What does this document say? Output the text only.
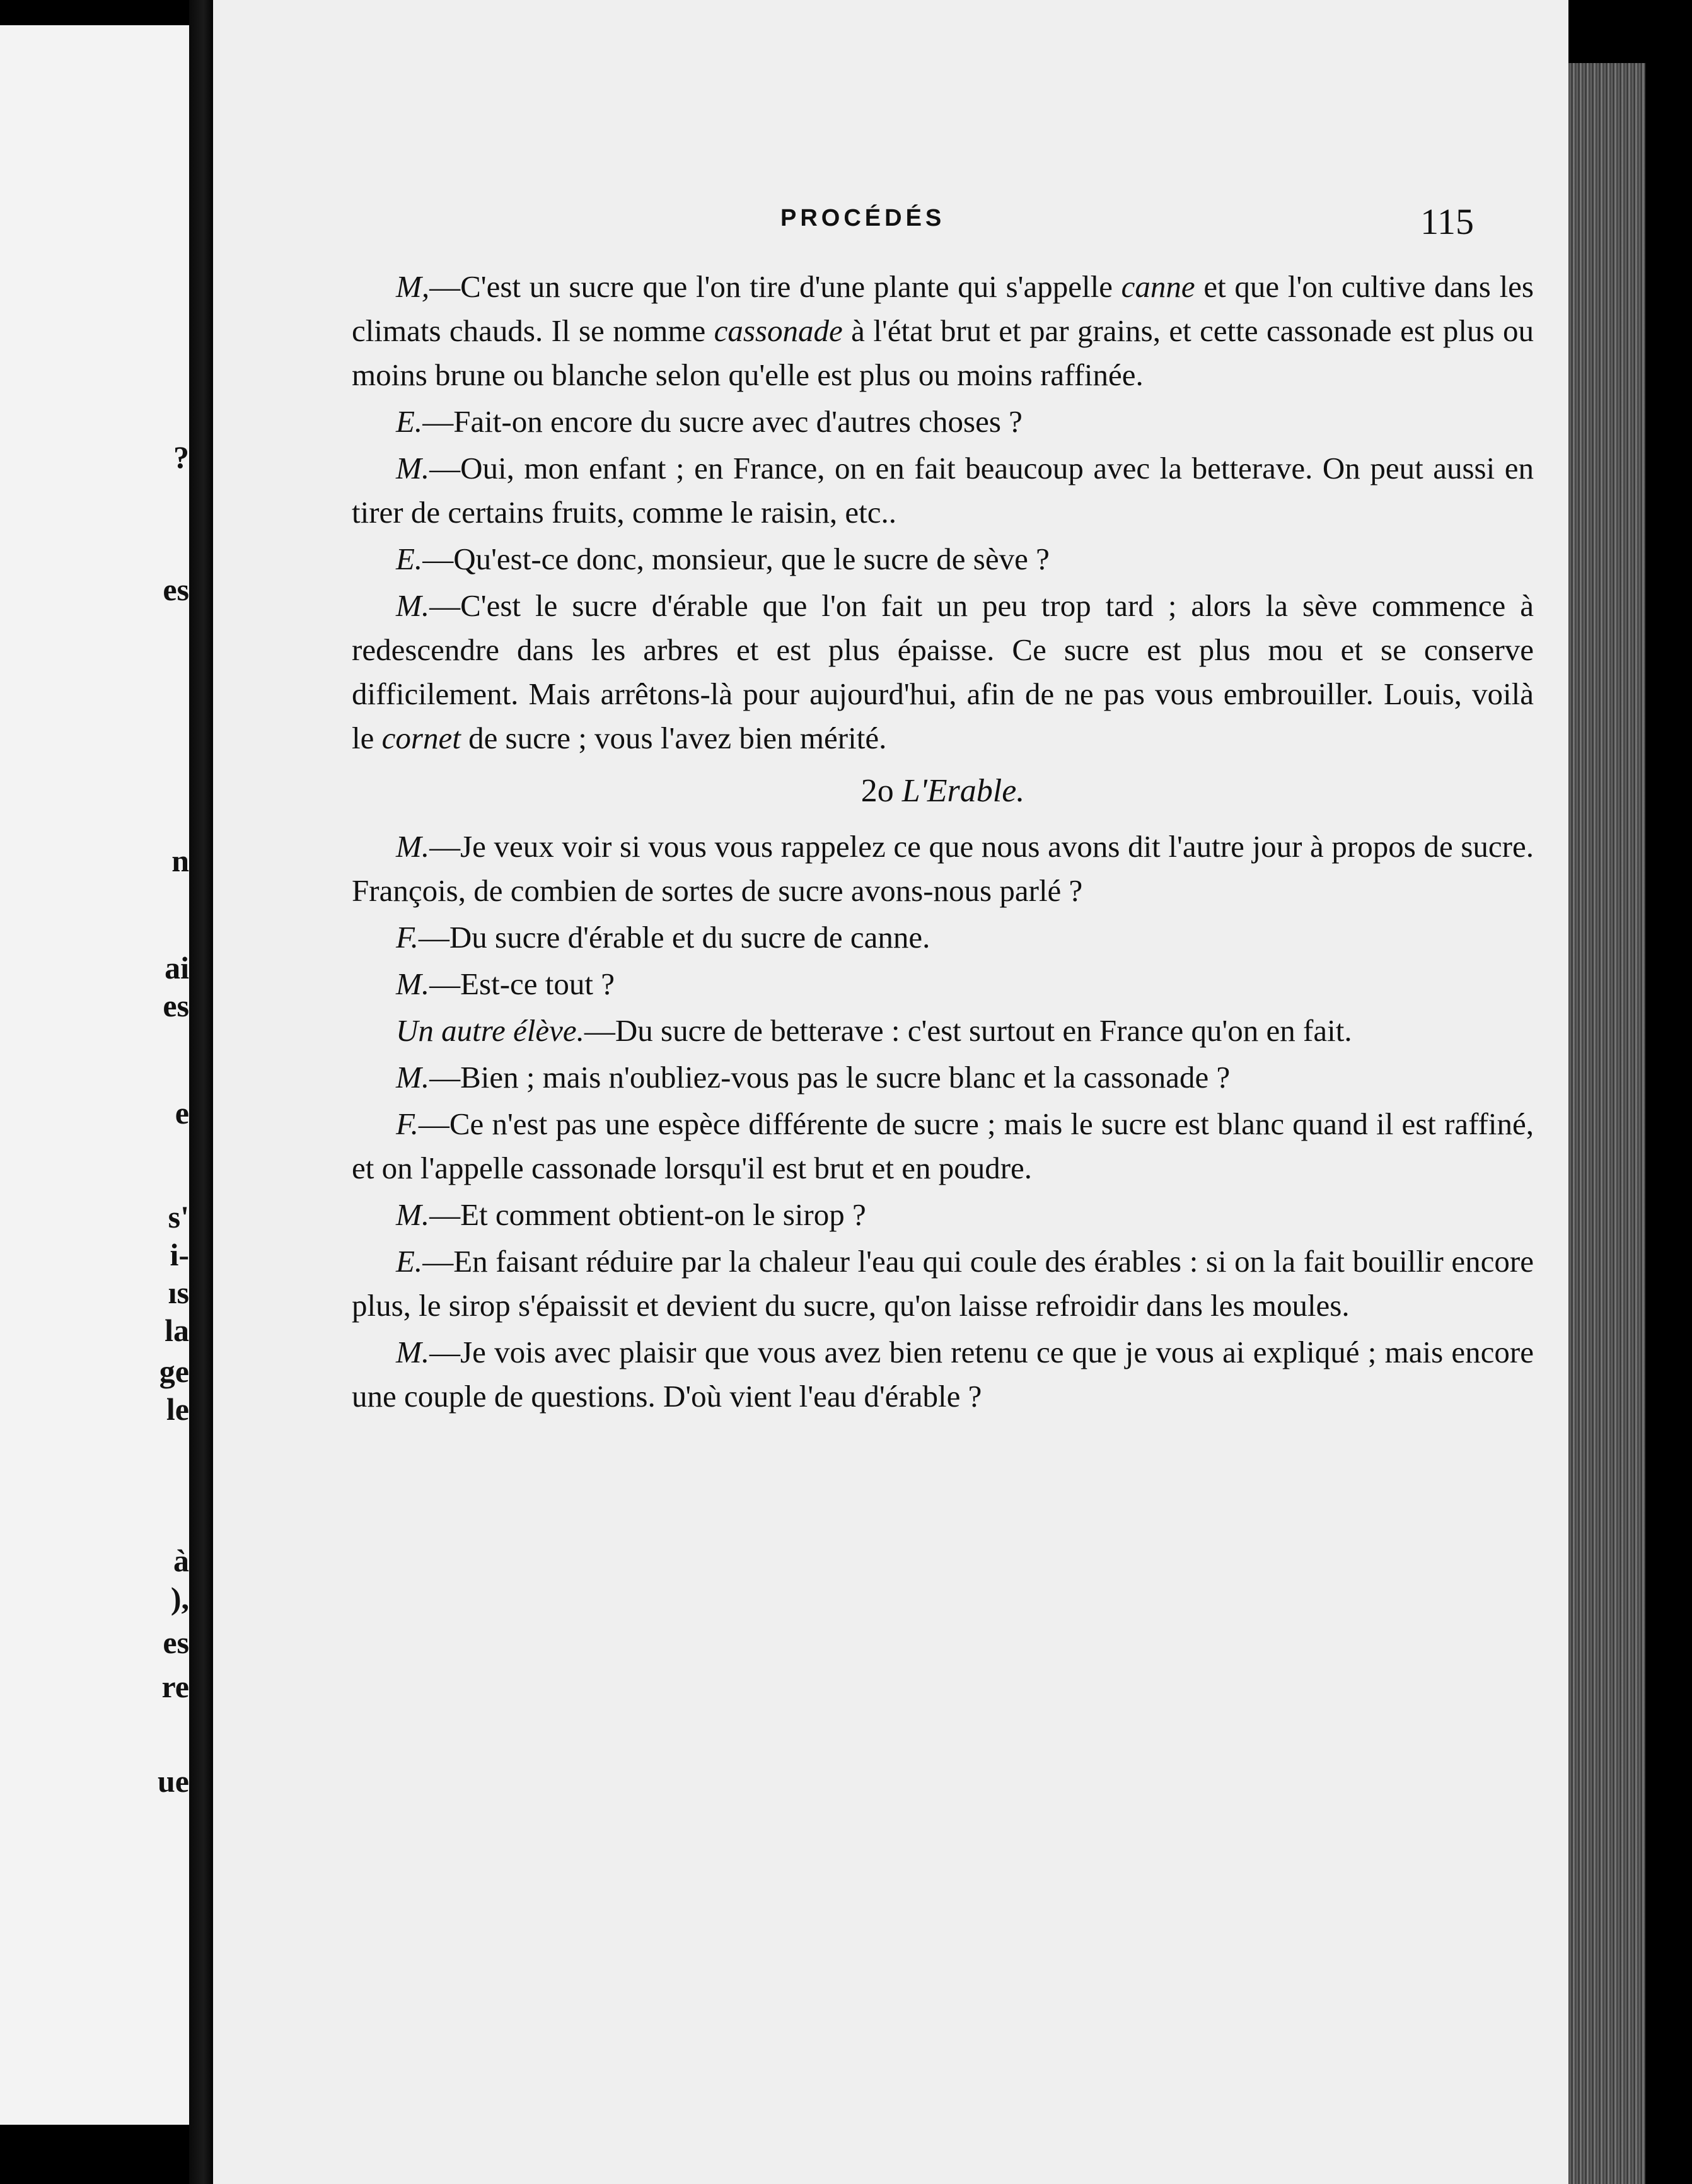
?
es
n
ai
es
e
s'
i-
ıs
la
ge
le
à
),
es
re
ue
PROCÉDÉS	115

M,—C'est un sucre que l'on tire d'une plante qui s'appelle canne et que l'on cultive dans les climats chauds. Il se nomme cassonade à l'état brut et par grains, et cette cassonade est plus ou moins brune ou blanche selon qu'elle est plus ou moins raffinée.

E.—Fait-on encore du sucre avec d'autres choses ?

M.—Oui, mon enfant ; en France, on en fait beaucoup avec la betterave. On peut aussi en tirer de certains fruits, comme le raisin, etc..

E.—Qu'est-ce donc, monsieur, que le sucre de sève ?

M.—C'est le sucre d'érable que l'on fait un peu trop tard ; alors la sève commence à redescendre dans les arbres et est plus épaisse. Ce sucre est plus mou et se conserve difficilement. Mais arrêtons-là pour aujourd'hui, afin de ne pas vous embrouiller. Louis, voilà le cornet de sucre ; vous l'avez bien mérité.

2o L'Erable.

M.—Je veux voir si vous vous rappelez ce que nous avons dit l'autre jour à propos de sucre. François, de combien de sortes de sucre avons-nous parlé ?

F.—Du sucre d'érable et du sucre de canne.

M.—Est-ce tout ?

Un autre élève.—Du sucre de betterave : c'est surtout en France qu'on en fait.

M.—Bien ; mais n'oubliez-vous pas le sucre blanc et la cassonade ?

F.—Ce n'est pas une espèce différente de sucre ; mais le sucre est blanc quand il est raffiné, et on l'appelle cassonade lorsqu'il est brut et en poudre.

M.—Et comment obtient-on le sirop ?

E.—En faisant réduire par la chaleur l'eau qui coule des érables : si on la fait bouillir encore plus, le sirop s'épaissit et devient du sucre, qu'on laisse refroidir dans les moules.

M.—Je vois avec plaisir que vous avez bien retenu ce que je vous ai expliqué ; mais encore une couple de questions. D'où vient l'eau d'érable ?
